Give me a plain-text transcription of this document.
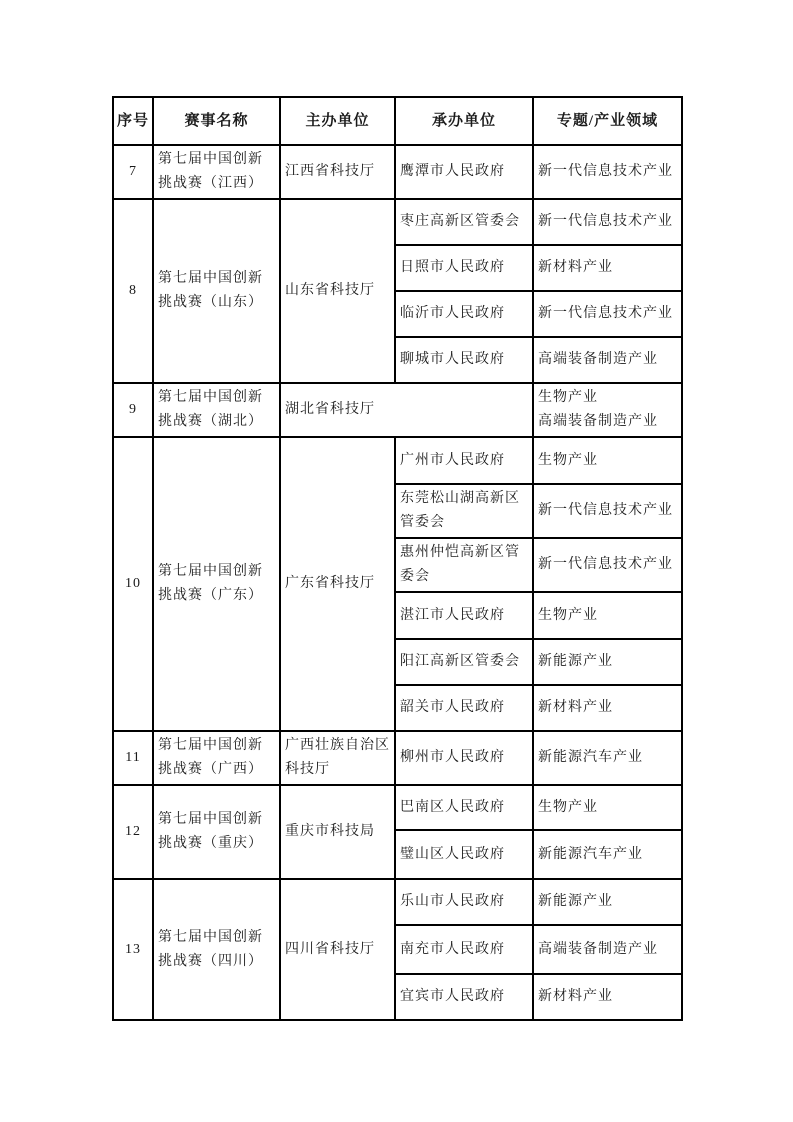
序号	赛事名称	主办单位	承办单位	专题/产业领域
7	第七届中国创新挑战赛（江西）	江西省科技厅	鹰潭市人民政府	新一代信息技术产业
8	第七届中国创新挑战赛（山东）	山东省科技厅	枣庄高新区管委会	新一代信息技术产业
			日照市人民政府	新材料产业
			临沂市人民政府	新一代信息技术产业
			聊城市人民政府	高端装备制造产业
9	第七届中国创新挑战赛（湖北）	湖北省科技厅		生物产业
高端装备制造产业

10	第七届中国创新挑战赛（广东）	广东省科技厅	广州市人民政府	生物产业
			东莞松山湖高新区管委会	新一代信息技术产业
			惠州仲恺高新区管委会	新一代信息技术产业
			湛江市人民政府	生物产业
			阳江高新区管委会	新能源产业
			韶关市人民政府	新材料产业
11	第七届中国创新挑战赛（广西）	广西壮族自治区科技厅	柳州市人民政府	新能源汽车产业
12	第七届中国创新挑战赛（重庆）	重庆市科技局	巴南区人民政府	生物产业
			璧山区人民政府	新能源汽车产业
13	第七届中国创新挑战赛（四川）	四川省科技厅	乐山市人民政府	新能源产业
			南充市人民政府	高端装备制造产业
			宜宾市人民政府	新材料产业
